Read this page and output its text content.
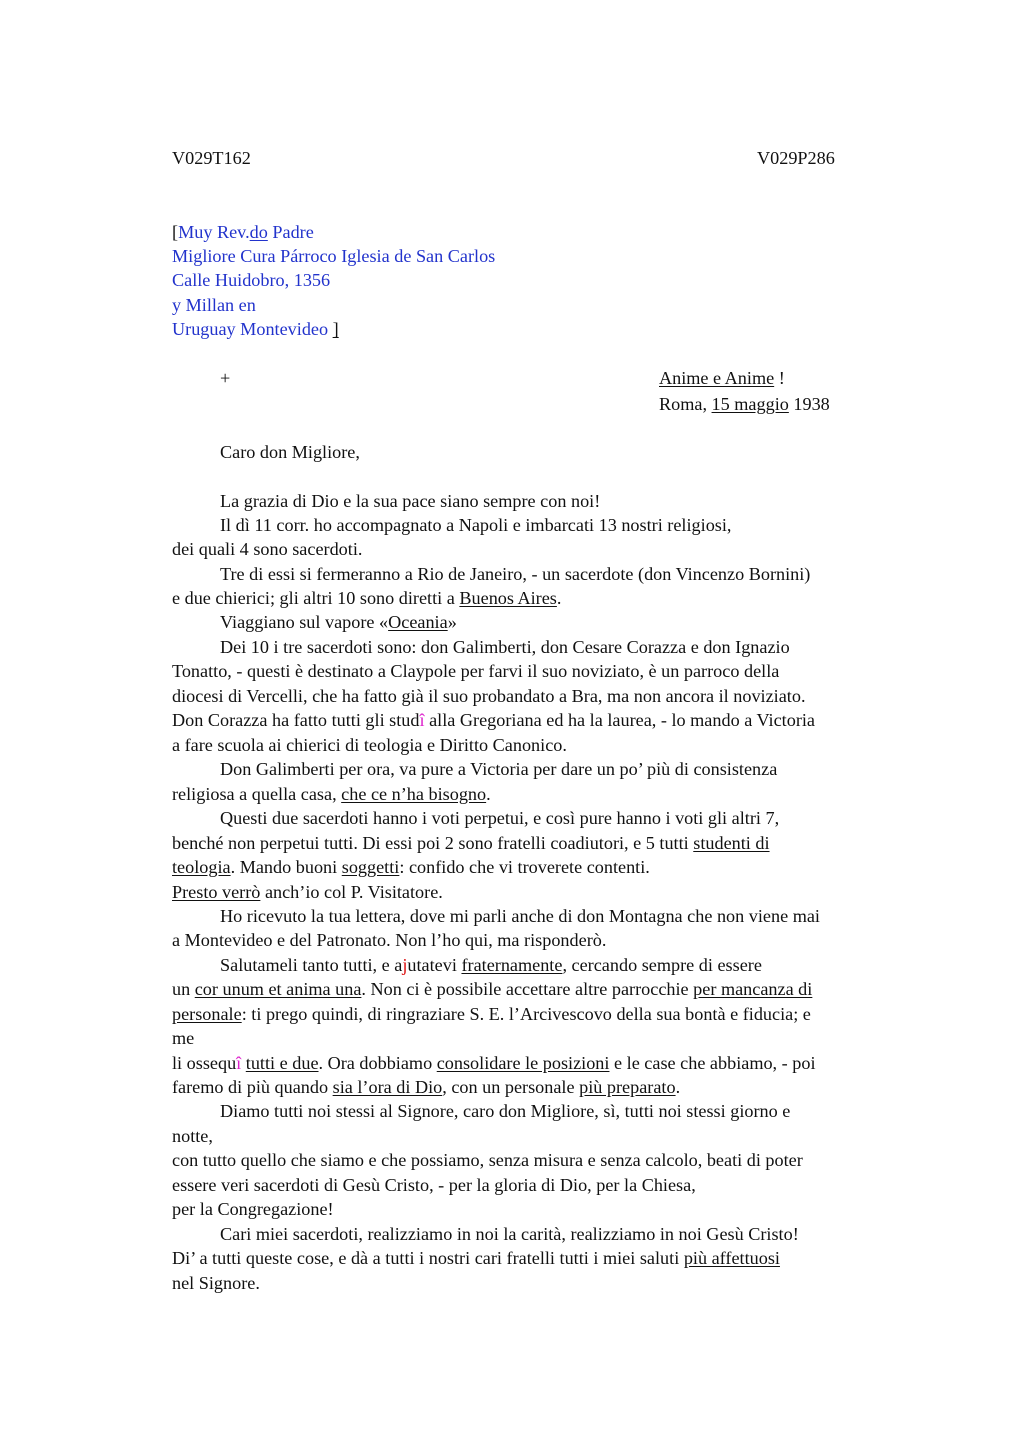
V029T162	V029P286
[Muy Rev.do Padre
Migliore Cura Párroco Iglesia de San Carlos
Calle Huidobro, 1356
y Millan en
Uruguay Montevideo ]
+	Anime e Anime !
Roma, 15 maggio 1938
Caro don Migliore,
La grazia di Dio e la sua pace siano sempre con noi!
Il dì 11 corr. ho accompagnato a Napoli e imbarcati 13 nostri religiosi,
dei quali 4 sono sacerdoti.
Tre di essi si fermeranno a Rio de Janeiro, - un sacerdote (don Vincenzo Bornini)
e due chierici; gli altri 10 sono diretti a Buenos Aires.
Viaggiano sul vapore «Oceania»
Dei 10 i tre sacerdoti sono: don Galimberti, don Cesare Corazza e don Ignazio
Tonatto, - questi è destinato a Claypole per farvi il suo noviziato, è un parroco della
diocesi di Vercelli, che ha fatto già il suo probandato a Bra, ma non ancora il noviziato.
Don Corazza ha fatto tutti gli studî alla Gregoriana ed ha la laurea, - lo mando a Victoria
a fare scuola ai chierici di teologia e Diritto Canonico.
Don Galimberti per ora, va pure a Victoria per dare un po’ più di consistenza
religiosa a quella casa, che ce n’ha bisogno.
Questi due sacerdoti hanno i voti perpetui, e così pure hanno i voti gli altri 7,
benché non perpetui tutti. Di essi poi 2 sono fratelli coadiutori, e 5 tutti studenti di
teologia. Mando buoni soggetti: confido che vi troverete contenti.
Presto verrò anch’io col P. Visitatore.
Ho ricevuto la tua lettera, dove mi parli anche di don Montagna che non viene mai
a Montevideo e del Patronato. Non l’ho qui, ma risponderò.
Salutameli tanto tutti, e ajutatevi fraternamente, cercando sempre di essere
un cor unum et anima una. Non ci è possibile accettare altre parrocchie per mancanza di
personale: ti prego quindi, di ringraziare S. E. l’Arcivescovo della sua bontà e fiducia; e
me
li ossequî tutti e due. Ora dobbiamo consolidare le posizioni e le case che abbiamo, - poi
faremo di più quando sia l’ora di Dio, con un personale più preparato.
Diamo tutti noi stessi al Signore, caro don Migliore, sì, tutti noi stessi giorno e
notte,
con tutto quello che siamo e che possiamo, senza misura e senza calcolo, beati di poter
essere veri sacerdoti di Gesù Cristo, - per la gloria di Dio, per la Chiesa,
per la Congregazione!
Cari miei sacerdoti, realizziamo in noi la carità, realizziamo in noi Gesù Cristo!
Di’ a tutti queste cose, e dà a tutti i nostri cari fratelli tutti i miei saluti più affettuosi
nel Signore.
